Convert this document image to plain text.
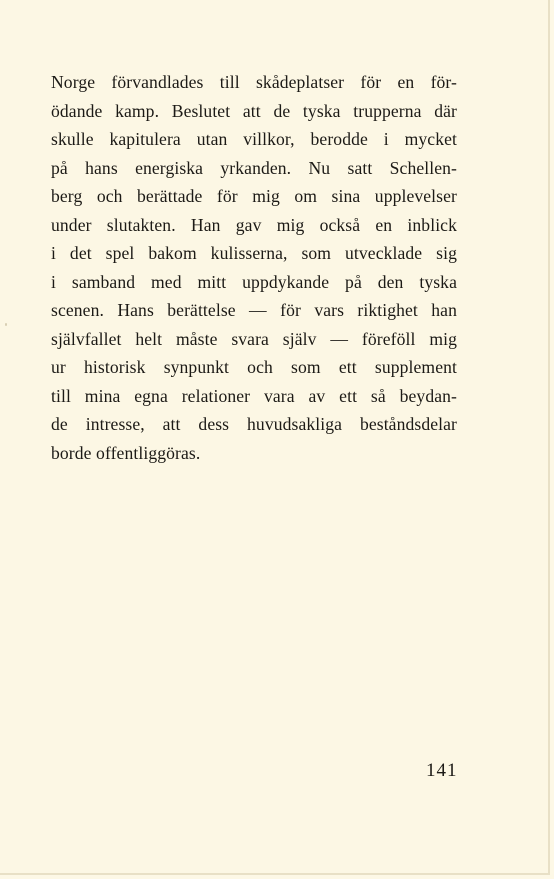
Norge förvandlades till skådeplatser för en för-
ödande kamp. Beslutet att de tyska trupperna där
skulle kapitulera utan villkor, berodde i mycket
på hans energiska yrkanden. Nu satt Schellen-
berg och berättade för mig om sina upplevelser
under slutakten. Han gav mig också en inblick
i det spel bakom kulisserna, som utvecklade sig
i samband med mitt uppdykande på den tyska
scenen. Hans berättelse — för vars riktighet han
självfallet helt måste svara själv — föreföll mig
ur historisk synpunkt och som ett supplement
till mina egna relationer vara av ett så beydan-
de intresse, att dess huvudsakliga beståndsdelar
borde offentliggöras.
141
